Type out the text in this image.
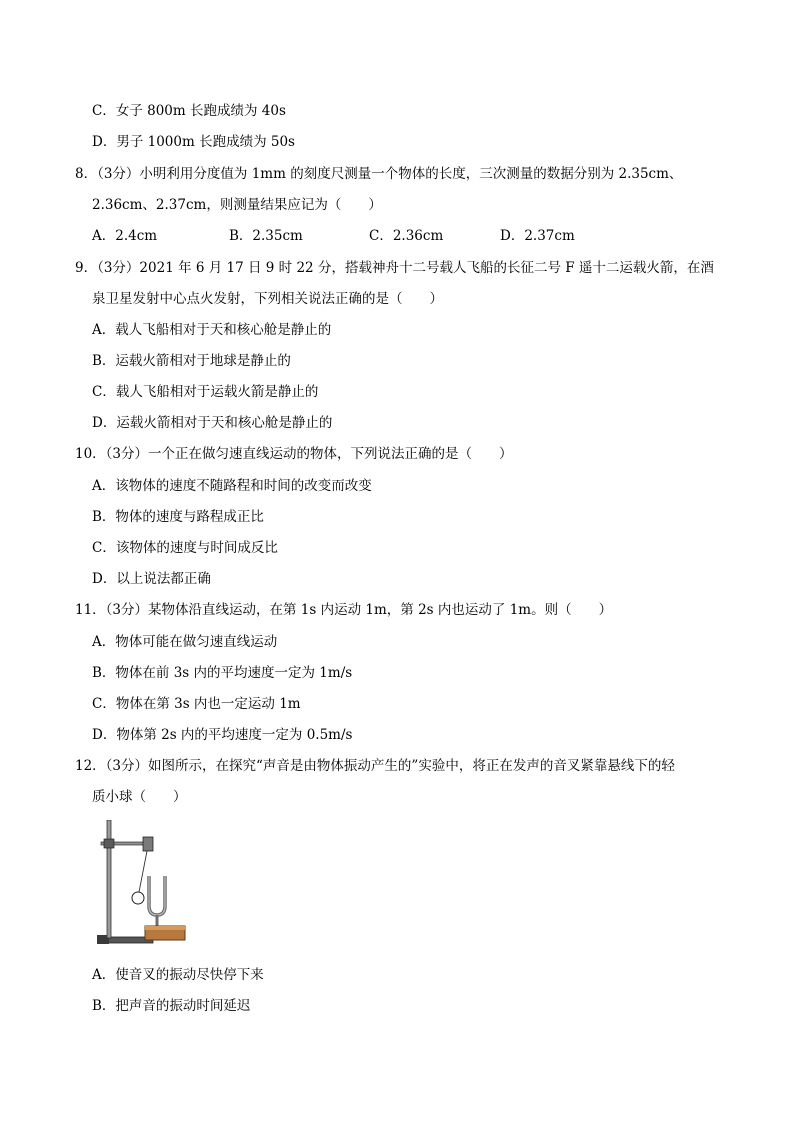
C．女子 800m 长跑成绩为 40s
D．男子 1000m 长跑成绩为 50s
8．（3分）小明利用分度值为 1mm 的刻度尺测量一个物体的长度，三次测量的数据分别为 2.35cm、
2.36cm、2.37cm，则测量结果应记为（　　）
A．2.4cm	B．2.35cm	C．2.36cm	D．2.37cm
9．（3分）2021 年 6 月 17 日 9 时 22 分，搭载神舟十二号载人飞船的长征二号 F 遥十二运载火箭，在酒
泉卫星发射中心点火发射，下列相关说法正确的是（　　）
A．载人飞船相对于天和核心舱是静止的
B．运载火箭相对于地球是静止的
C．载人飞船相对于运载火箭是静止的
D．运载火箭相对于天和核心舱是静止的
10．（3分）一个正在做匀速直线运动的物体，下列说法正确的是（　　）
A．该物体的速度不随路程和时间的改变而改变
B．物体的速度与路程成正比
C．该物体的速度与时间成反比
D．以上说法都正确
11．（3分）某物体沿直线运动，在第 1s 内运动 1m，第 2s 内也运动了 1m。则（　　）
A．物体可能在做匀速直线运动
B．物体在前 3s 内的平均速度一定为 1m/s
C．物体在第 3s 内也一定运动 1m
D．物体第 2s 内的平均速度一定为 0.5m/s
12．（3分）如图所示，在探究“声音是由物体振动产生的”实验中，将正在发声的音叉紧靠悬线下的轻
质小球（　　）
A．使音叉的振动尽快停下来
B．把声音的振动时间延迟
